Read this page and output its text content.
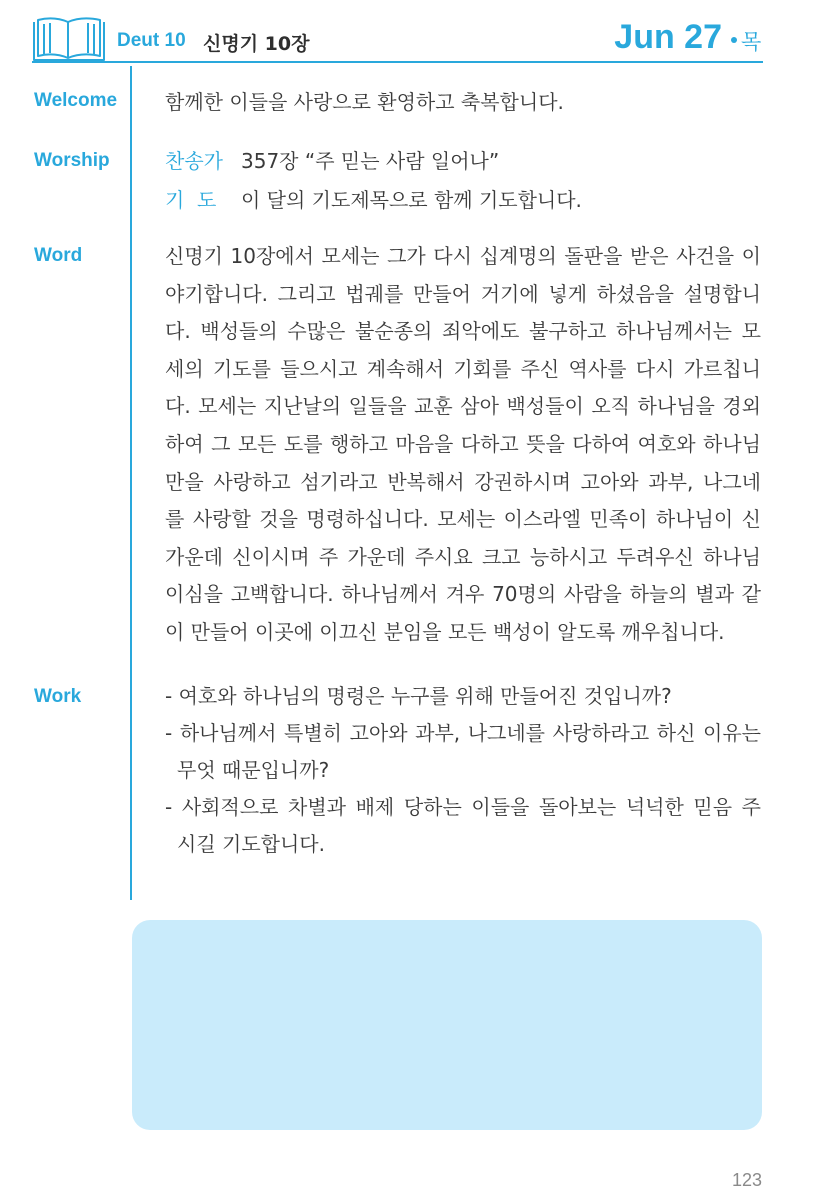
Deut 10 신명기 10장	Jun 27 목
Welcome 함께한 이들을 사랑으로 환영하고 축복합니다.
Worship	찬송가 357장 “주 믿는 사람 일어나”
기  도 이 달의 기도제목으로 함께 기도합니다.
Word	신명기 10장에서 모세는 그가 다시 십계명의 돌판을 받은 사건을 이
야기합니다. 그리고 법궤를 만들어 거기에 넣게 하셨음을 설명합니
다. 백성들의 수많은 불순종의 죄악에도 불구하고 하나님께서는 모
세의 기도를 들으시고 계속해서 기회를 주신 역사를 다시 가르칩니
다. 모세는 지난날의 일들을 교훈 삼아 백성들이 오직 하나님을 경외
하여 그 모든 도를 행하고 마음을 다하고 뜻을 다하여 여호와 하나님
만을 사랑하고 섬기라고 반복해서 강권하시며 고아와 과부, 나그네
를 사랑할 것을 명령하십니다. 모세는 이스라엘 민족이 하나님이 신
가운데 신이시며 주 가운데 주시요 크고 능하시고 두려우신 하나님
이심을 고백합니다. 하나님께서 겨우 70명의 사람을 하늘의 별과 같
이 만들어 이곳에 이끄신 분임을 모든 백성이 알도록 깨우칩니다.
Work	- 여호와 하나님의 명령은 누구를 위해 만들어진 것입니까?
- 하나님께서 특별히 고아와 과부, 나그네를 사랑하라고 하신 이유는
무엇 때문입니까?
- 사회적으로 차별과 배제 당하는 이들을 돌아보는 넉넉한 믿음 주
시길 기도합니다.
123
